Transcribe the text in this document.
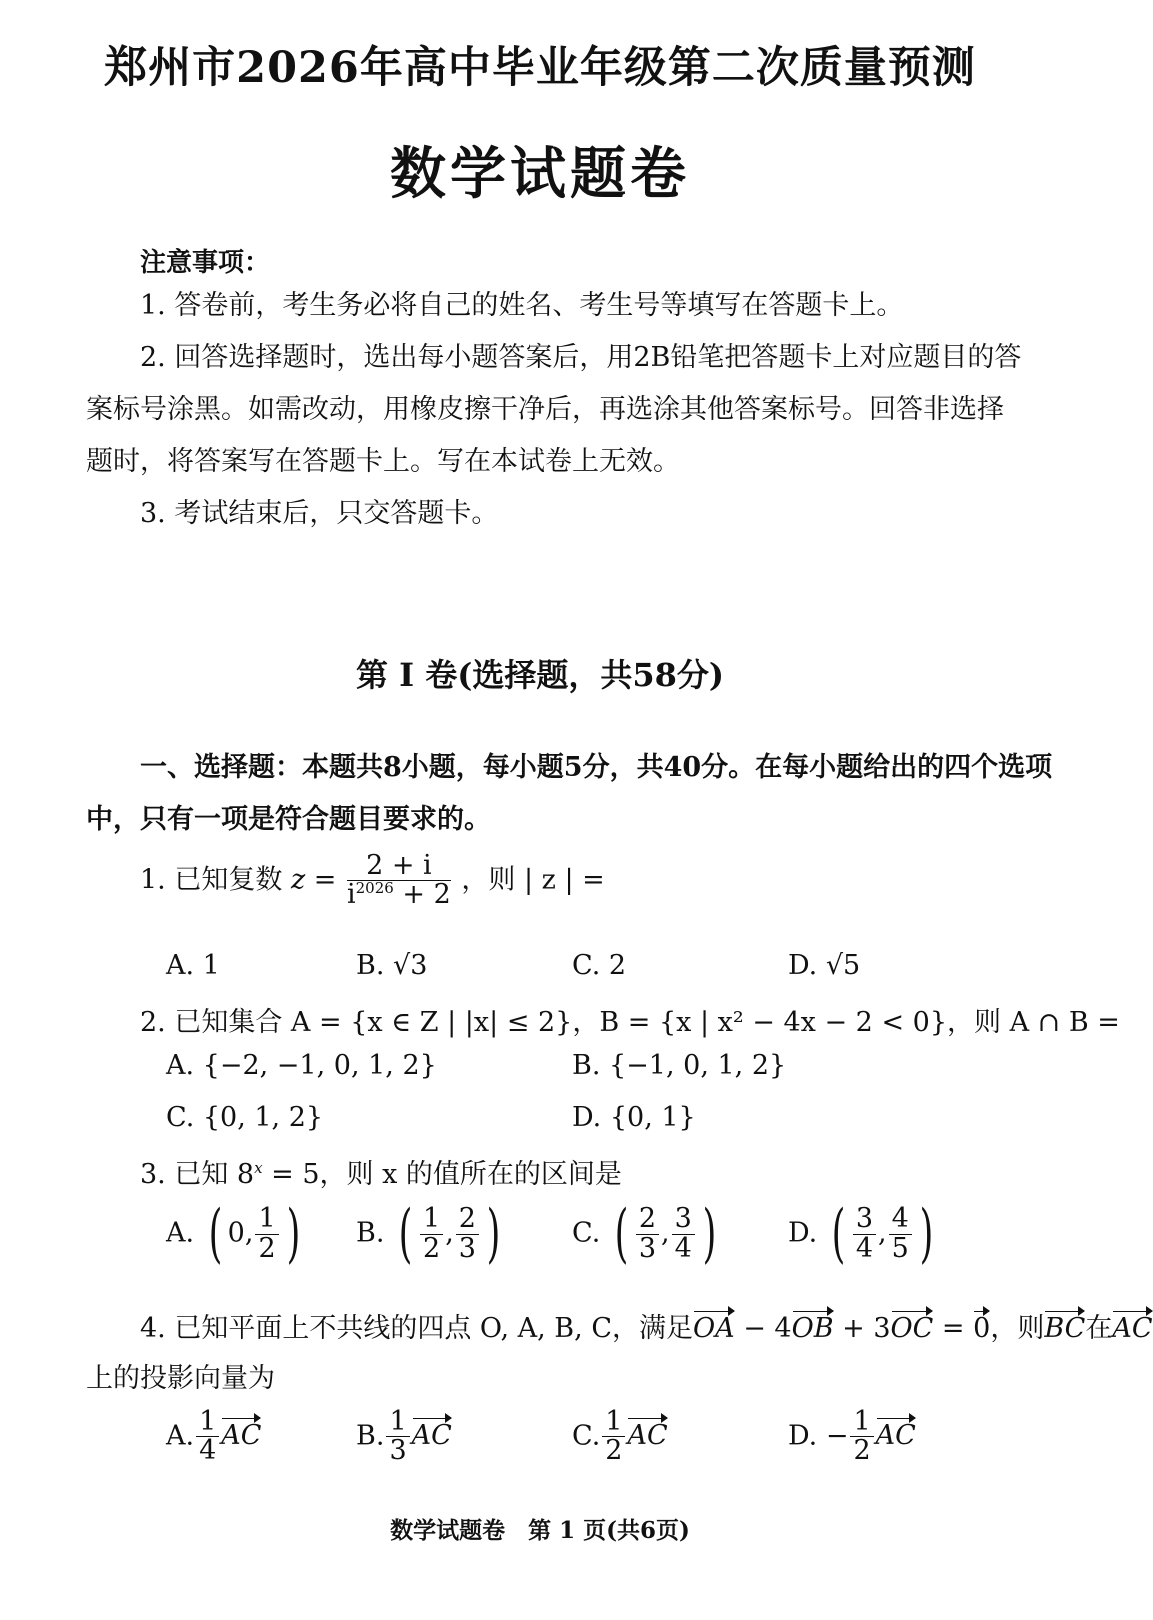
郑州市2026年高中毕业年级第二次质量预测
数学试题卷
注意事项：
1. 答卷前，考生务必将自己的姓名、考生号等填写在答题卡上。
2. 回答选择题时，选出每小题答案后，用2B铅笔把答题卡上对应题目的答
案标号涂黑。如需改动，用橡皮擦干净后，再选涂其他答案标号。回答非选择
题时，将答案写在答题卡上。写在本试卷上无效。
3. 考试结束后，只交答题卡。
第 Ⅰ 卷(选择题，共58分)
一、选择题：本题共8小题，每小题5分，共40分。在每小题给出的四个选项
中，只有一项是符合题目要求的。
1. 已知复数 $z = \frac{2 + i}{i^{2026} + 2}$ ，则 | z | =
A. 1	B. √3	C. 2	D. √5
2. 已知集合 A = {x ∈ Z | |x| ≤ 2}，B = {x | x² − 4x − 2 < 0}，则 A ∩ B =
A. {−2, −1, 0, 1, 2}	B. {−1, 0, 1, 2}
C. {0, 1, 2}	D. {0, 1}
3. 已知 $8^x = 5$，则 x 的值所在的区间是
A. ( 0, $\frac{1}{2}$ ) B. ( $\frac{1}{2}$ , $\frac{2}{3}$ )	C. ( $\frac{2}{3}$ , $\frac{3}{4}$ )	D. ( $\frac{3}{4}$ , $\frac{4}{5}$ )
4. 已知平面上不共线的四点 O, A, B, C，满足OA − 4OB + 3OC = 0，则BC在AC
上的投影向量为
A. $\frac{1}{4}$ AC	B. $\frac{1}{3}$ AC	C. $\frac{1}{2}$ AC	D. − $\frac{1}{2}$ AC
数学试题卷　第 1 页(共6页)
